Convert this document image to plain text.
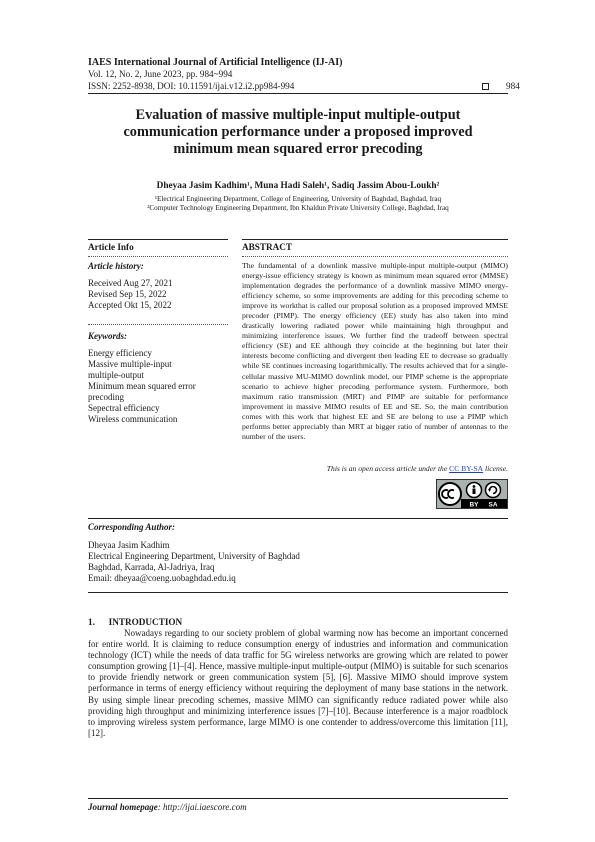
IAES International Journal of Artificial Intelligence (IJ-AI)
Vol. 12, No. 2, June 2023, pp. 984~994
ISSN: 2252-8938, DOI: 10.11591/ijai.v12.i2.pp984-994	984
Evaluation of massive multiple-input multiple-output
communication performance under a proposed improved
minimum mean squared error precoding
Dheyaa Jasim Kadhim¹, Muna Hadi Saleh¹, Sadiq Jassim Abou-Loukh²
¹Electrical Engineering Department, College of Engineering, University of Baghdad, Baghdad, Iraq
²Computer Technology Engineering Department, Ibn Khaldun Private University College, Baghdad, Iraq
Article Info
Article history:
Received Aug 27, 2021
Revised Sep 15, 2022
Accepted Okt 15, 2022
Keywords:
Energy efficiency
Massive multiple-input
multiple-output
Minimum mean squared error
precoding
Sepectral efficiency
Wireless communication
ABSTRACT
The fundamental of a downlink massive multiple-input multiple-output (MIMO) energy-issue efficiency strategy is known as minimum mean squared error (MMSE) implementation degrades the performance of a downlink massive MIMO energy-efficiency scheme, so some improvements are adding for this precoding scheme to improve its workthat is called our proposal solution as a proposed improved MMSE precoder (PIMP). The energy efficiency (EE) study has also taken into mind drastically lowering radiated power while maintaining high throughput and minimizing interference issues. We further find the tradeoff between spectral efficiency (SE) and EE although they coincide at the beginning but later their interests become conflicting and divergent then leading EE to decrease so gradually while SE continues increasing logarithmically. The results achieved that for a single-cellular massive MU-MIMO downlink model, our PIMP scheme is the appropriate scenario to achieve higher precoding performance system. Furthermore, both maximum ratio transmission (MRT) and PIMP are suitable for performance improvement in massive MIMO results of EE and SE. So, the main contribution comes with this work that highest EE and SE are belong to use a PIMP which performs better appreciably than MRT at bigger ratio of number of antennas to the number of the users.
This is an open access article under the CC BY-SA license.
BY SA
Corresponding Author:
Dheyaa Jasim Kadhim
Electrical Engineering Department, University of Baghdad
Baghdad, Karrada, Al-Jadriya, Iraq
Email: dheyaa@coeng.uobaghdad.edu.iq
1.      INTRODUCTION
Nowadays regarding to our society problem of global warming now has become an important concerned for entire world. It is claiming to reduce consumption energy of industries and information and communication technology (ICT) while the needs of data traffic for 5G wireless networks are growing which are related to power consumption growing [1]–[4]. Hence, massive multiple-input multiple-output (MIMO) is suitable for such scenarios to provide friendly network or green communication system [5], [6]. Massive MIMO should improve system performance in terms of energy efficiency without requiring the deployment of many base stations in the network. By using simple linear precoding schemes, massive MIMO can significantly reduce radiated power while also providing high throughput and minimizing interference issues [7]–[10]. Because interference is a major roadblock to improving wireless system performance, large MIMO is one contender to address/overcome this limitation [11], [12].
Journal homepage: http://ijai.iaescore.com
